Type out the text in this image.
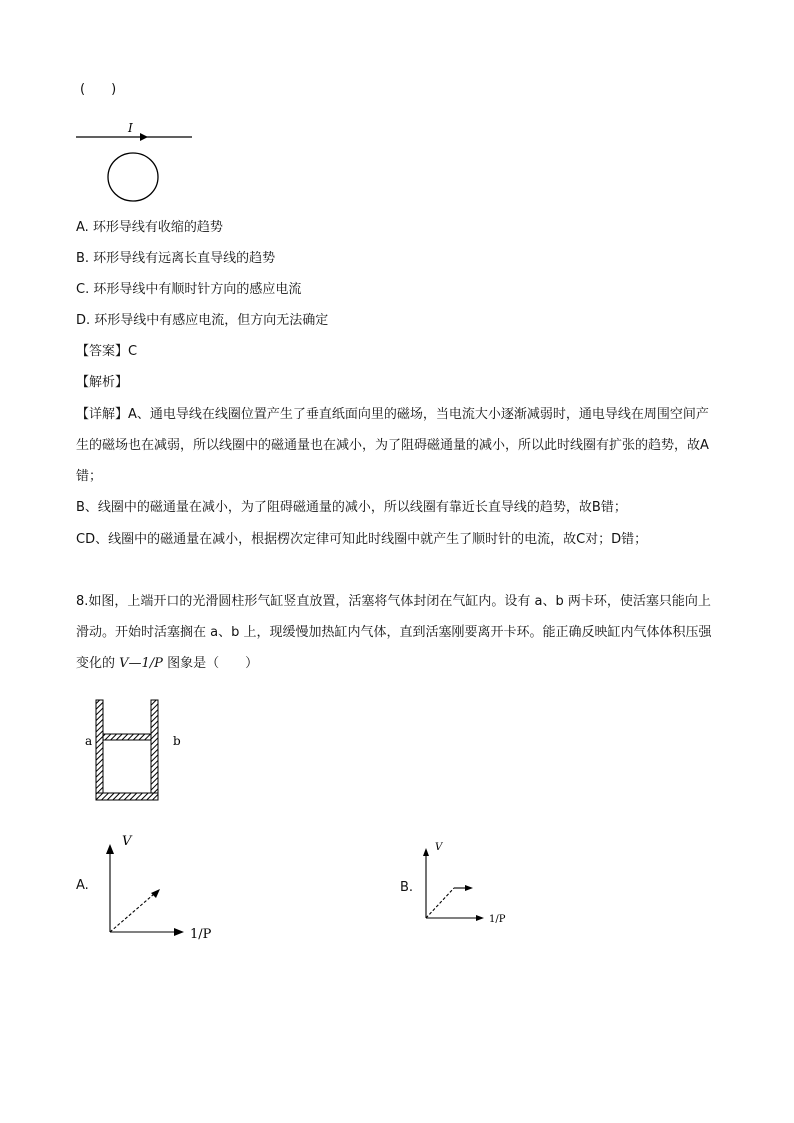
(　　)
I
A. 环形导线有收缩的趋势
B. 环形导线有远离长直导线的趋势
C. 环形导线中有顺时针方向的感应电流
D. 环形导线中有感应电流，但方向无法确定
【答案】C
【解析】
【详解】A、通电导线在线圈位置产生了垂直纸面向里的磁场，当电流大小逐渐减弱时，通电导线在周围空间产生的磁场也在减弱，所以线圈中的磁通量也在减小，为了阻碍磁通量的减小，所以此时线圈有扩张的趋势，故A错；
B、线圈中的磁通量在减小，为了阻碍磁通量的减小，所以线圈有靠近长直导线的趋势，故B错；
CD、线圈中的磁通量在减小，根据楞次定律可知此时线圈中就产生了顺时针的电流，故C对；D错；
8.如图，上端开口的光滑圆柱形气缸竖直放置，活塞将气体封闭在气缸内。设有 a、b 两卡环，使活塞只能向上滑动。开始时活塞搁在 a、b 上，现缓慢加热缸内气体，直到活塞刚要离开卡环。能正确反映缸内气体体积压强变化的 V—1/P 图象是（　　）
a	b
A.
V
1/P
B.
V
1/P
